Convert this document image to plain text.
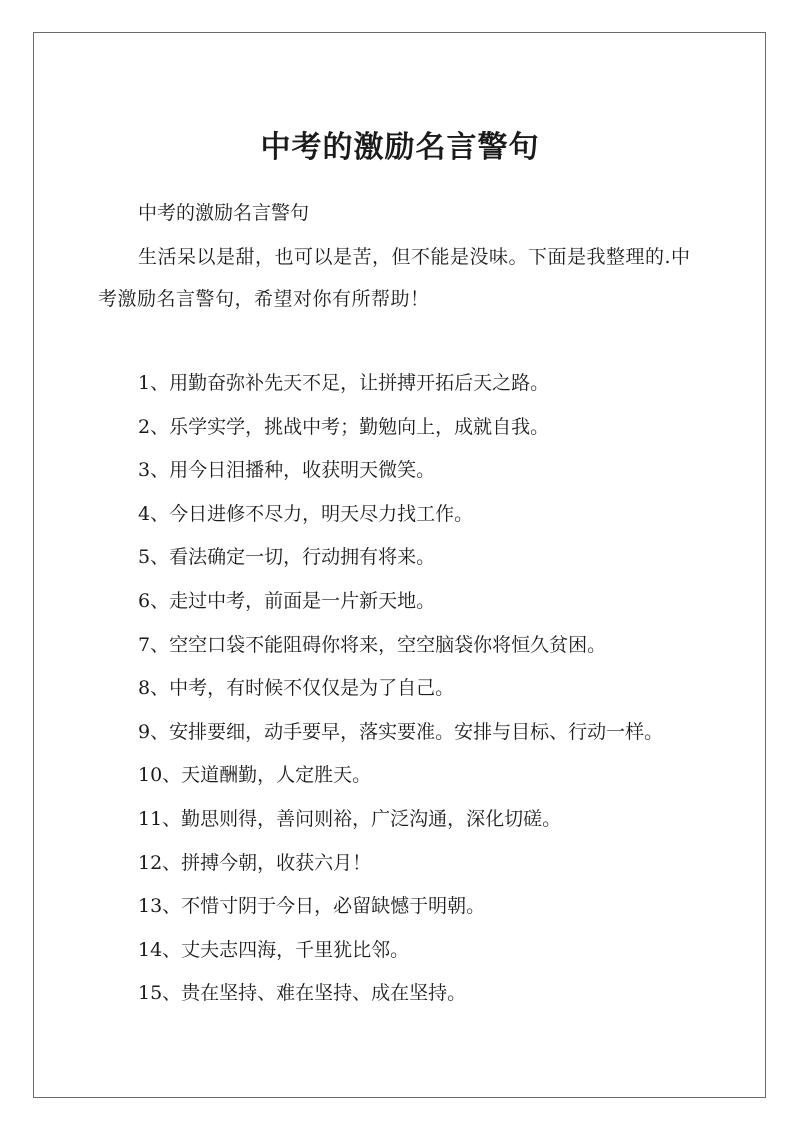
中考的激励名言警句

中考的激励名言警句

生活呆以是甜，也可以是苦，但不能是没味。下面是我整理的.中考激励名言警句，希望对你有所帮助！

1、用勤奋弥补先天不足，让拼搏开拓后天之路。
2、乐学实学，挑战中考；勤勉向上，成就自我。
3、用今日泪播种，收获明天微笑。
4、今日进修不尽力，明天尽力找工作。
5、看法确定一切，行动拥有将来。
6、走过中考，前面是一片新天地。
7、空空口袋不能阻碍你将来，空空脑袋你将恒久贫困。
8、中考，有时候不仅仅是为了自己。
9、安排要细，动手要早，落实要准。安排与目标、行动一样。
10、天道酬勤，人定胜天。
11、勤思则得，善问则裕，广泛沟通，深化切磋。
12、拼搏今朝，收获六月！
13、不惜寸阴于今日，必留缺憾于明朝。
14、丈夫志四海，千里犹比邻。
15、贵在坚持、难在坚持、成在坚持。
